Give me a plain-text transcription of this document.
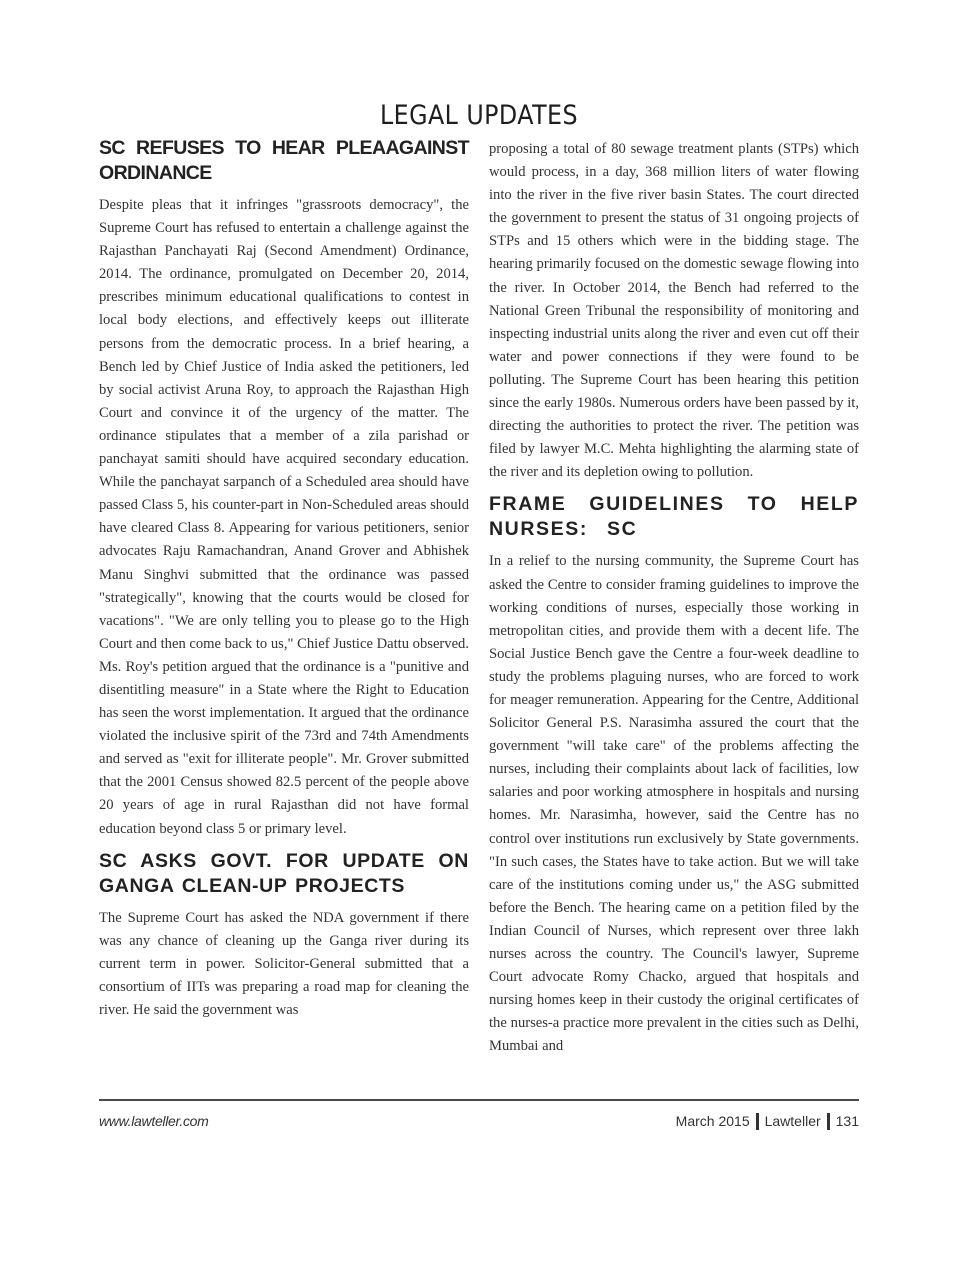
LEGAL UPDATES
SC REFUSES TO HEAR PLEAAGAINST ORDINANCE

Despite pleas that it infringes "grassroots democracy", the Supreme Court has refused to entertain a challenge against the Rajasthan Panchayati Raj (Second Amendment) Ordinance, 2014. The ordinance, promulgated on December 20, 2014, prescribes minimum educational qualifications to contest in local body elections, and effectively keeps out illiterate persons from the democratic process. In a brief hearing, a Bench led by Chief Justice of India asked the petitioners, led by social activist Aruna Roy, to approach the Rajasthan High Court and convince it of the urgency of the matter. The ordinance stipulates that a member of a zila parishad or panchayat samiti should have acquired secondary education. While the panchayat sarpanch of a Scheduled area should have passed Class 5, his counter-part in Non-Scheduled areas should have cleared Class 8. Appearing for various petitioners, senior advocates Raju Ramachandran, Anand Grover and Abhishek Manu Singhvi submitted that the ordinance was passed "strategically", knowing that the courts would be closed for vacations". "We are only telling you to please go to the High Court and then come back to us," Chief Justice Dattu observed. Ms. Roy's petition argued that the ordinance is a "punitive and disentitling measure" in a State where the Right to Education has seen the worst implementation. It argued that the ordinance violated the inclusive spirit of the 73rd and 74th Amendments and served as "exit for illiterate people". Mr. Grover submitted that the 2001 Census showed 82.5 percent of the people above 20 years of age in rural Rajasthan did not have formal education beyond class 5 or primary level.

SC ASKS GOVT. FOR UPDATE ON GANGA CLEAN-UP PROJECTS

The Supreme Court has asked the NDA government if there was any chance of cleaning up the Ganga river during its current term in power. Solicitor-General submitted that a consortium of IITs was preparing a road map for cleaning the river. He said the government was

proposing a total of 80 sewage treatment plants (STPs) which would process, in a day, 368 million liters of water flowing into the river in the five river basin States. The court directed the government to present the status of 31 ongoing projects of STPs and 15 others which were in the bidding stage. The hearing primarily focused on the domestic sewage flowing into the river. In October 2014, the Bench had referred to the National Green Tribunal the responsibility of monitoring and inspecting industrial units along the river and even cut off their water and power connections if they were found to be polluting. The Supreme Court has been hearing this petition since the early 1980s. Numerous orders have been passed by it, directing the authorities to protect the river. The petition was filed by lawyer M.C. Mehta highlighting the alarming state of the river and its depletion owing to pollution.

FRAME GUIDELINES TO HELP NURSES: SC

In a relief to the nursing community, the Supreme Court has asked the Centre to consider framing guidelines to improve the working conditions of nurses, especially those working in metropolitan cities, and provide them with a decent life. The Social Justice Bench gave the Centre a four-week deadline to study the problems plaguing nurses, who are forced to work for meager remuneration. Appearing for the Centre, Additional Solicitor General P.S. Narasimha assured the court that the government "will take care" of the problems affecting the nurses, including their complaints about lack of facilities, low salaries and poor working atmosphere in hospitals and nursing homes. Mr. Narasimha, however, said the Centre has no control over institutions run exclusively by State governments. "In such cases, the States have to take action. But we will take care of the institutions coming under us," the ASG submitted before the Bench. The hearing came on a petition filed by the Indian Council of Nurses, which represent over three lakh nurses across the country. The Council's lawyer, Supreme Court advocate Romy Chacko, argued that hospitals and nursing homes keep in their custody the original certificates of the nurses-a practice more prevalent in the cities such as Delhi, Mumbai and

www.lawteller.com	March 2015 Lawteller 131
